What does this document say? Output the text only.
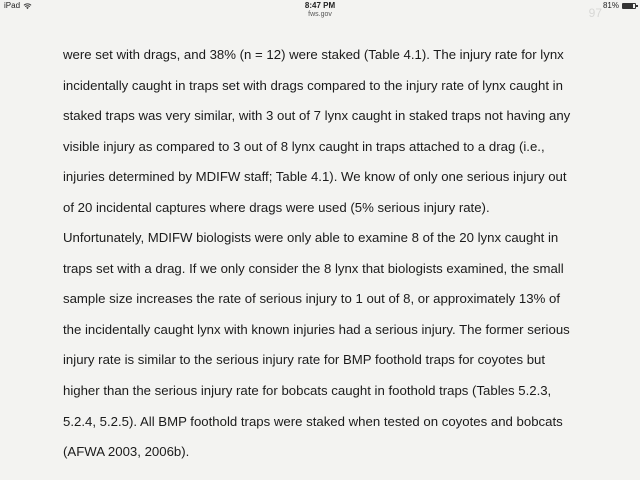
iPad	8:47 PM	81%
fws.gov	97
were set with drags, and 38% (n = 12) were staked (Table 4.1). The injury rate for lynx
incidentally caught in traps set with drags compared to the injury rate of lynx caught in
staked traps was very similar, with 3 out of 7 lynx caught in staked traps not having any
visible injury as compared to 3 out of 8 lynx caught in traps attached to a drag (i.e.,
injuries determined by MDIFW staff; Table 4.1). We know of only one serious injury out
of 20 incidental captures where drags were used (5% serious injury rate).
Unfortunately, MDIFW biologists were only able to examine 8 of the 20 lynx caught in
traps set with a drag. If we only consider the 8 lynx that biologists examined, the small
sample size increases the rate of serious injury to 1 out of 8, or approximately 13% of
the incidentally caught lynx with known injuries had a serious injury. The former serious
injury rate is similar to the serious injury rate for BMP foothold traps for coyotes but
higher than the serious injury rate for bobcats caught in foothold traps (Tables 5.2.3,
5.2.4, 5.2.5). All BMP foothold traps were staked when tested on coyotes and bobcats
(AFWA 2003, 2006b).
